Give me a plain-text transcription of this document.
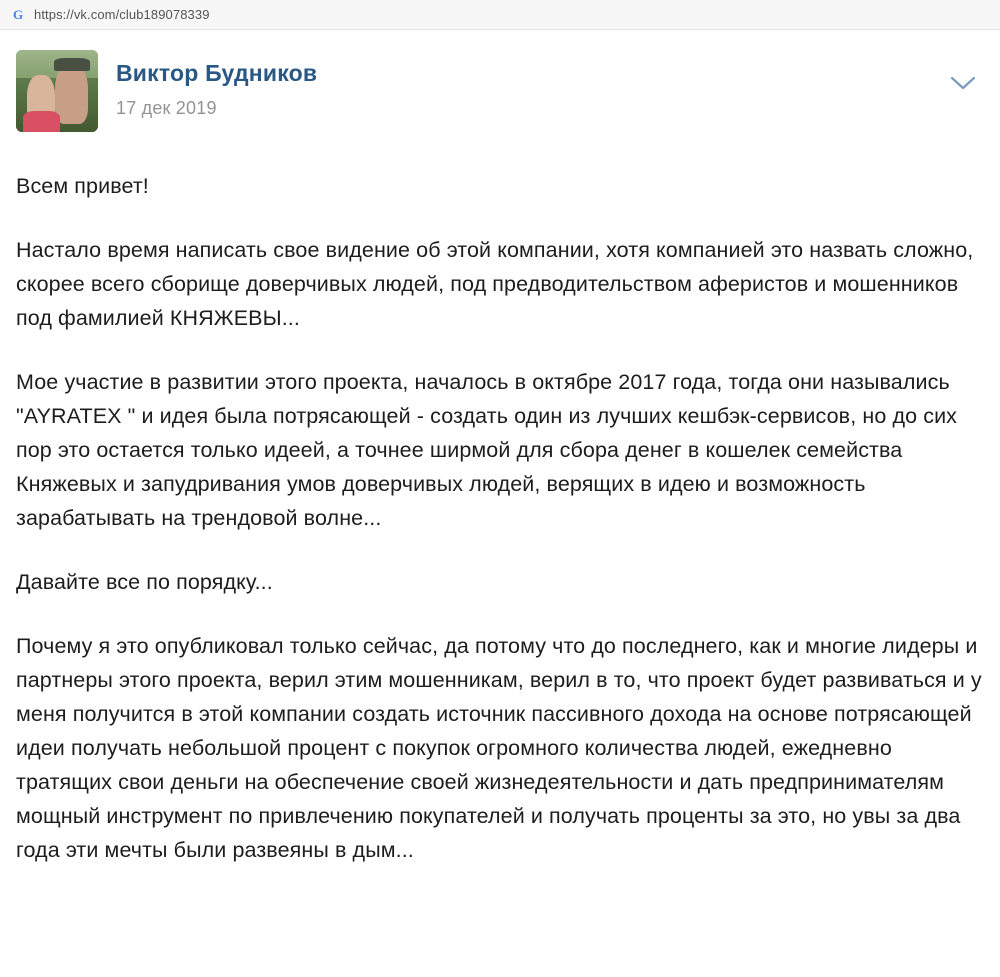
G https://vk.com/club189078339
Виктор Будников
17 дек 2019

Всем привет!

Настало время написать свое видение об этой компании, хотя компанией это назвать сложно, скорее всего сборище доверчивых людей, под предводительством аферистов и мошенников под фамилией КНЯЖЕВЫ...

Мое участие в развитии этого проекта, началось в октябре 2017 года, тогда они назывались "AYRATEX " и идея была потрясающей - создать один из лучших кешбэк-сервисов, но до сих пор это остается только идеей, а точнее ширмой для сбора денег в кошелек семейства Княжевых и запудривания умов доверчивых людей, верящих в идею и возможность зарабатывать на трендовой волне...

Давайте все по порядку...

Почему я это опубликовал только сейчас, да потому что до последнего, как и многие лидеры и партнеры этого проекта, верил этим мошенникам, верил в то, что проект будет развиваться и у меня получится в этой компании создать источник пассивного дохода на основе потрясающей идеи получать небольшой процент с покупок огромного количества людей, ежедневно тратящих свои деньги на обеспечение своей жизнедеятельности и дать предпринимателям мощный инструмент по привлечению покупателей и получать проценты за это, но увы за два года эти мечты были развеяны в дым...
